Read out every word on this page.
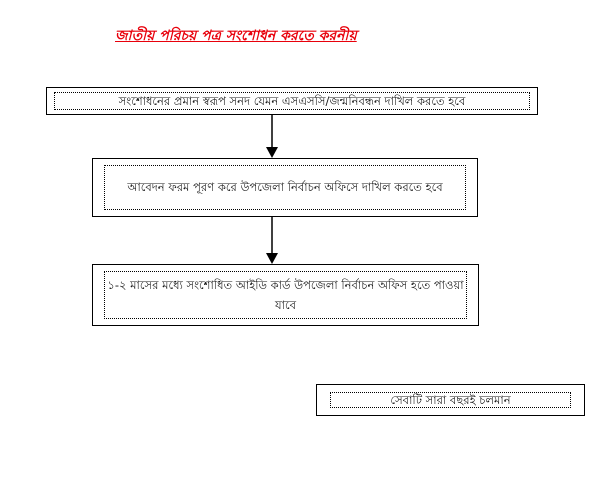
জাতীয় পরিচয় পত্র সংশোধন করতে করনীয়
সংশোধনের প্রমান স্বরূপ সনদ যেমন এসএসসি/জন্মনিবন্ধন দাখিল করতে হবে
আবেদন ফরম পূরণ করে উপজেলা নির্বাচন অফিসে দাখিল করতে হবে
১-২ মাসের মধ্যে সংশোধিত আইডি কার্ড উপজেলা নির্বাচন অফিস হতে পাওয়া যাবে
সেবাটি সারা বছরই চলমান
